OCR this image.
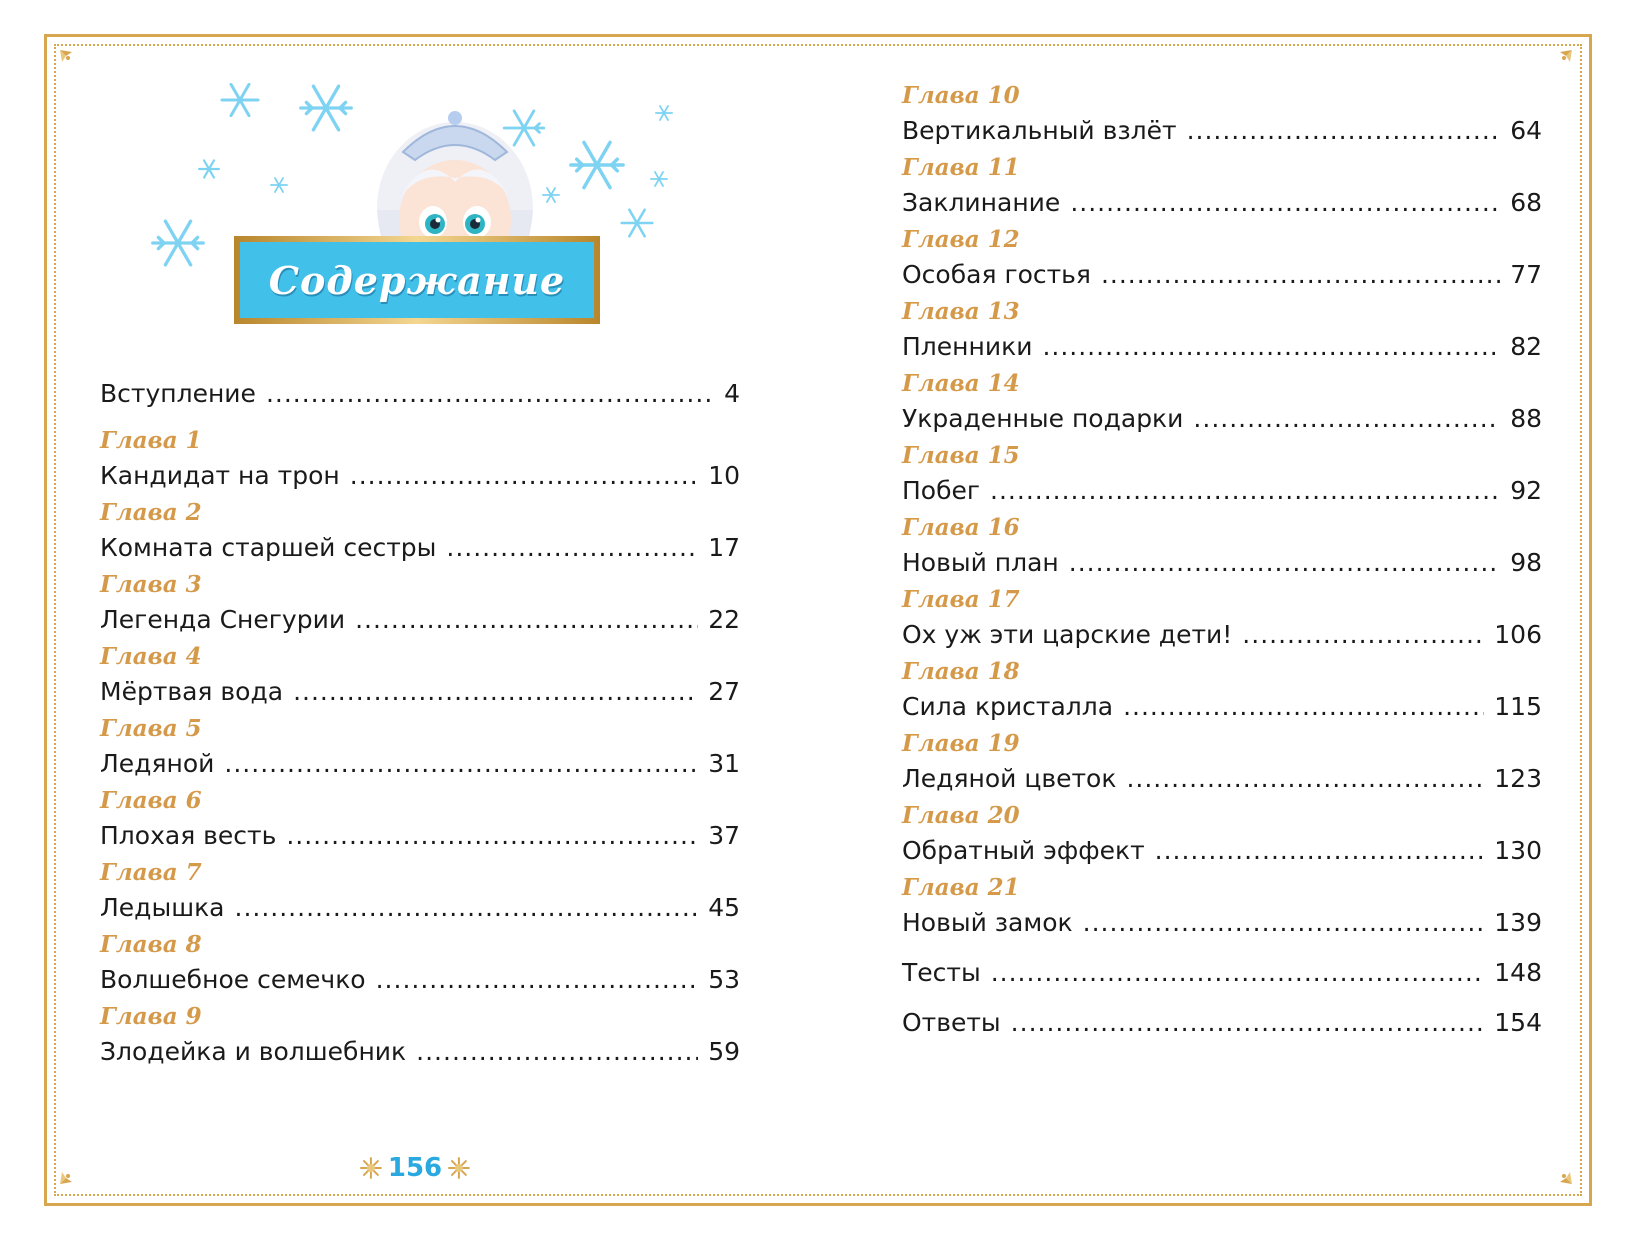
Содержание
Вступление .....	4
Глава 1
Кандидат на трон .....	10
Глава 2
Комната старшей сестры .....	17
Глава 3
Легенда Снегурии .....	22
Глава 4
Мёртвая вода .....	27
Глава 5
Ледяной .....	31
Глава 6
Плохая весть .....	37
Глава 7
Ледышка .....	45
Глава 8
Волшебное семечко .....	53
Глава 9
Злодейка и волшебник .....	59
Глава 10
Вертикальный взлёт .....	64
Глава 11
Заклинание .....	68
Глава 12
Особая гостья .....	77
Глава 13
Пленники .....	82
Глава 14
Украденные подарки .....	88
Глава 15
Побег .....	92
Глава 16
Новый план .....	98
Глава 17
Ох уж эти царские дети! .....	106
Глава 18
Сила кристалла .....	115
Глава 19
Ледяной цветок .....	123
Глава 20
Обратный эффект .....	130
Глава 21
Новый замок .....	139
Тесты .....	148
Ответы .....	154
156
